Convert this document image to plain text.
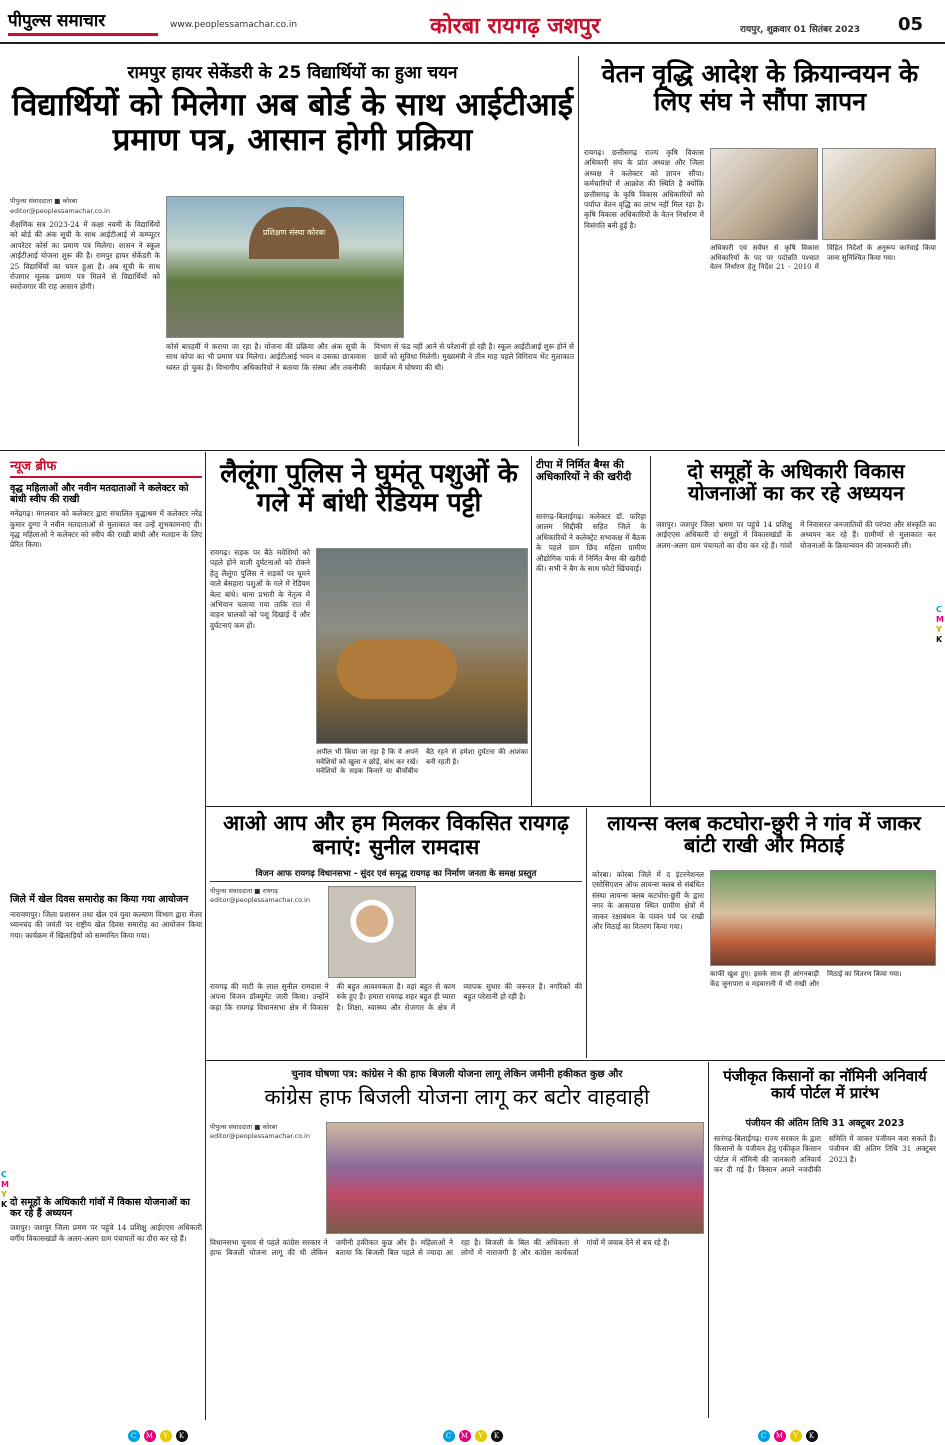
पीपुल्स समाचार	www.peoplessamachar.co.in	कोरबा रायगढ़ जशपुर	रायपुर, शुक्रवार 01 सितंबर 2023 05
रामपुर हायर सेकेंडरी के 25 विद्यार्थियों का हुआ चयन
विद्यार्थियों को मिलेगा अब बोर्ड के साथ आईटीआई प्रमाण पत्र, आसान होगी प्रक्रिया
पीपुल्स संवाददाता ■ कोरबा
editor@peoplessamachar.co.in
शैक्षणिक सत्र 2023-24 में कक्षा नवमी के विद्यार्थियों को बोर्ड की अंक सूची के साथ आईटीआई से कम्प्यूटर आपरेटर कोर्स का प्रमाण पत्र मिलेगा। शासन ने स्कूल आईटीआई योजना शुरू की है। रामपुर हायर सेकेंडरी के 25 विद्यार्थियों का चयन हुआ है। अब सूची के साथ रोजगार मूलक प्रमाण पत्र मिलने से विद्यार्थियों को स्वरोजगार की राह आसान होगी।
प्रशिक्षण संस्था कोरबा
कोर्स बारहवीं में कराया जा रहा है। योजना की प्रक्रिया और अंक सूची के साथ कोपा का भी प्रमाण पत्र मिलेगा। आईटीआई भवन व उसका छात्रावास ध्वस्त हो चुका है। विभागीय अधिकारियों ने बताया कि संस्था और तकनीकी विभाग से फंड नहीं आने से परेशानी हो रही है। स्कूल आईटीआई शुरू होने से छात्रों को सुविधा मिलेगी। मुख्यमंत्री ने तीन माह पहले विगिराय भेंट मुलाकात कार्यक्रम में घोषणा की थी।
वेतन वृद्धि आदेश के क्रियान्वयन के लिए संघ ने सौंपा ज्ञापन
रायगढ़। छत्तीसगढ़ राज्य कृषि विकास अधिकारी संघ के प्रांत अध्यक्ष और जिला अध्यक्ष ने कलेक्टर को ज्ञापन सौंपा। कर्मचारियों में आक्रोश की स्थिति है क्योंकि छत्तीसगढ़ के कृषि विकास अधिकारियों को पर्याप्त वेतन वृद्धि का लाभ नहीं मिल रहा है। कृषि विकास अधिकारियों के वेतन निर्धारण में विसंगति बनी हुई है।
अधिकारी एवं सर्वेयर से कृषि विकास अधिकारियों के पद पर पदोन्नति पश्चात वेतन निर्धारण हेतु निर्देश 21 - 2010 में विहित निर्देशों के अनुरूप कार्रवाई किया जाना सुनिश्चित किया गया।
न्यूज ब्रीफ
वृद्ध महिलाओं और नवीन मतदाताओं ने कलेक्टर को बांधी स्वीप की राखी
मनेंद्रगढ़। मंगलवार को कलेक्टर द्वारा संचालित वृद्धाश्रम में कलेक्टर नरेंद्र कुमार दुग्गा ने नवीन मतदाताओं से मुलाकात कर उन्हें शुभकामनाएं दी। वृद्ध महिलाओं ने कलेक्टर को स्वीप की राखी बांधी और मतदान के लिए प्रेरित किया।
जिले में खेल दिवस समारोह का किया गया आयोजन
नारायणपुर। जिला प्रशासन तथा खेल एवं युवा कल्याण विभाग द्वारा मेजर ध्यानचंद की जयंती पर राष्ट्रीय खेल दिवस समारोह का आयोजन किया गया। कार्यक्रम में खिलाड़ियों को सम्मानित किया गया।
दो समूहों के अधिकारी गांवों में विकास योजनाओं का कर रहे हैं अध्ययन
जशपुर। जशपुर जिला प्रमण पर पहुंचे 14 प्रशिक्षु आईएएस अधिकारी वर्गीय विकासखंडों के अलग-अलग ग्राम पंचायतों का दौरा कर रहे हैं।
लैलूंगा पुलिस ने घुमंतू पशुओं के गले में बांधी रेडियम पट्टी
रायगढ़। सड़क पर बैठे मवेशियों को पहले होने वाली दुर्घटनाओं को रोकने हेतु लैलूंगा पुलिस ने सड़कों पर घूमने वाले बेसहारा पशुओं के गले में रेडियम बेल्ट बांधे। थाना प्रभारी के नेतृत्व में अभियान चलाया गया ताकि रात में वाहन चालकों को पशु दिखाई दें और दुर्घटनाएं कम हों।
अपील भी किया जा रहा है कि वे अपने मवेशियों को खुला न छोड़ें, बांध कर रखें। मवेशियों के सड़क किनारे या बीचोंबीच बैठे रहने से हमेशा दुर्घटना की आशंका बनी रहती है।
टीपा में निर्मित बैग्स की अधिकारियों ने की खरीदी
सारंगढ़-बिलाईगढ़। कलेक्टर डॉ. फरिहा आलम सिद्दीकी सहित जिले के अधिकारियों ने कलेक्ट्रेट सभाकक्ष में बैठक के पहले ग्राम छिंद महिला ग्रामीण औद्योगिक पार्क में निर्मित बैग्स की खरीदी की। सभी ने बैग के साथ फोटो खिंचवाई।
दो समूहों के अधिकारी विकास योजनाओं का कर रहे अध्ययन
जशपुर। जशपुर जिला भ्रमण पर पहुंचे 14 प्रशिक्षु आईएएस अधिकारी दो समूहों में विकासखंडों के अलग-अलग ग्राम पंचायतों का दौरा कर रहे हैं। गांवों में निवासरत जनजातियों की परंपरा और संस्कृति का अध्ययन कर रहे हैं। ग्रामीणों से मुलाकात कर योजनाओं के क्रियान्वयन की जानकारी ली।
आओ आप और हम मिलकर विकसित रायगढ़ बनाएं: सुनील रामदास
विजन आफ रायगढ़ विधानसभा - सुंदर एवं समृद्ध रायगढ़ का निर्माण जनता के समक्ष प्रस्तुत
पीपुल्स संवाददाता ■ रायगढ़
editor@peoplessamachar.co.in
रायगढ़ की माटी के लाल सुनील रामदास ने अपना विजन डॉक्यूमेंट जारी किया। उन्होंने कहा कि रायगढ़ विधानसभा क्षेत्र में विकास की बहुत आवश्यकता है। वहां बहुत से काम रुके हुए हैं। हमारा रायगढ़ शहर बहुत ही प्यारा है। शिक्षा, स्वास्थ्य और रोजगार के क्षेत्र में व्यापक सुधार की जरूरत है। नगरिकों की बहुत परेशानी हो रही है।
लायन्स क्लब कटघोरा-छुरी ने गांव में जाकर बांटी राखी और मिठाई
कोरबा। कोरबा जिले में द इंटरनेशनल एसोसिएशन ऑफ लायन्स क्लब से संबंधित संस्था लायन्स क्लब कटघोरा-छुरी के द्वारा नगर के आसपास स्थित ग्रामीण क्षेत्रों में जाकर रक्षाबंधन के पावन पर्व पर राखी और मिठाई का वितरण किया गया।
काफी खुश हुए। इसके साथ ही आंगनबाड़ी केंद्र जुनापारा व मड़वारानी में भी राखी और मिठाई का वितरण किया गया।
चुनाव घोषणा पत्र: कांग्रेस ने की हाफ बिजली योजना लागू लेकिन जमीनी हकीकत कुछ और
कांग्रेस हाफ बिजली योजना लागू कर बटोर वाहवाही
पीपुल्स संवाददाता ■ कोरबा
editor@peoplessamachar.co.in
विधानसभा चुनाव से पहले कांग्रेस सरकार ने हाफ बिजली योजना लागू की थी लेकिन जमीनी हकीकत कुछ और है। महिलाओं ने बताया कि बिजली बिल पहले से ज्यादा आ रहा है। बिजली के बिल की अधिकता से लोगों में नाराजगी है और कांग्रेस कार्यकर्ता गांवों में जवाब देने से बच रहे हैं।
पंजीकृत किसानों का नॉमिनी अनिवार्य कार्य पोर्टल में प्रारंभ
पंजीयन की अंतिम तिथि 31 अक्टूबर 2023
सारंगढ़-बिलाईगढ़। राज्य सरकार के द्वारा किसानों के पंजीयन हेतु एकीकृत किसान पोर्टल में नॉमिनी की जानकारी अनिवार्य कर दी गई है। किसान अपने नजदीकी समिति में जाकर पंजीयन करा सकते हैं। पंजीयन की अंतिम तिथि 31 अक्टूबर 2023 है।
C
M
Y
K
C
M
Y
K
C M Y K	C M Y K	C M Y K
